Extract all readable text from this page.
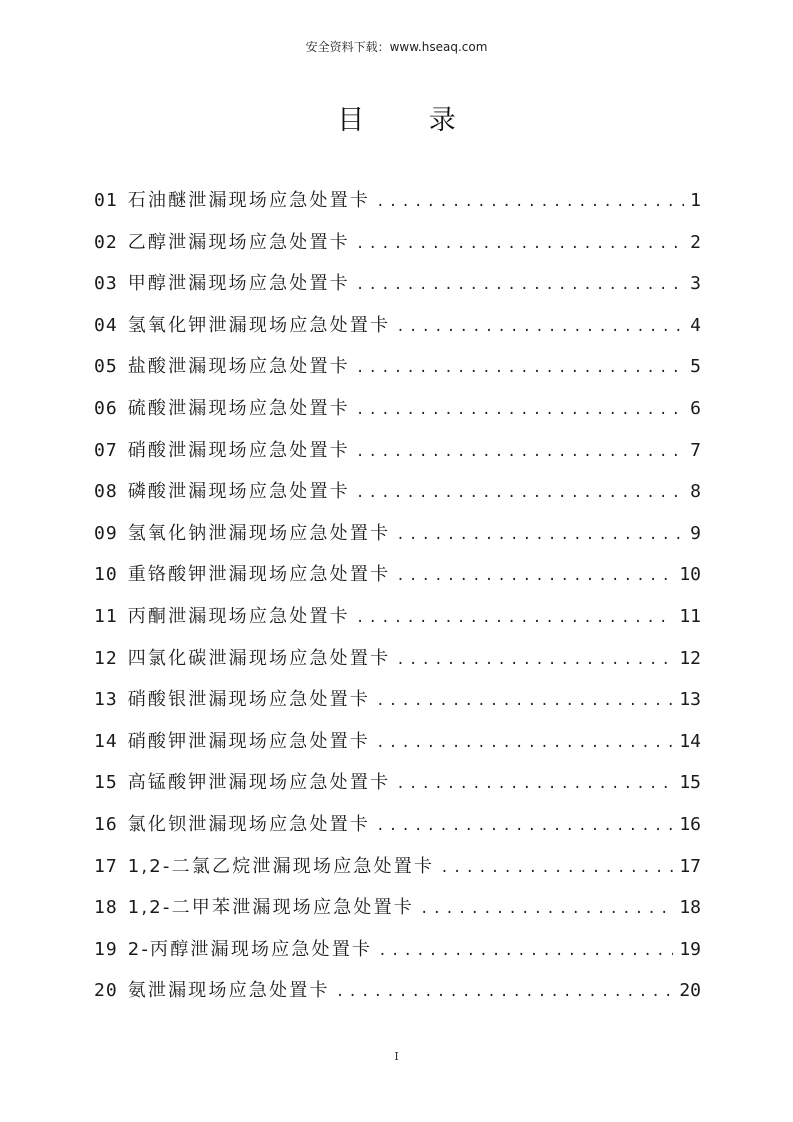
安全资料下载：www.hseaq.com
目 录
01 石油醚泄漏现场应急处置卡 .....	1
02 乙醇泄漏现场应急处置卡 .....	2
03 甲醇泄漏现场应急处置卡 .....	3
04 氢氧化钾泄漏现场应急处置卡 .....	4
05 盐酸泄漏现场应急处置卡 .....	5
06 硫酸泄漏现场应急处置卡 .....	6
07 硝酸泄漏现场应急处置卡 .....	7
08 磷酸泄漏现场应急处置卡 .....	8
09 氢氧化钠泄漏现场应急处置卡 .....	9
10 重铬酸钾泄漏现场应急处置卡 .....	10
11 丙酮泄漏现场应急处置卡 .....	11
12 四氯化碳泄漏现场应急处置卡 .....	12
13 硝酸银泄漏现场应急处置卡 .....	13
14 硝酸钾泄漏现场应急处置卡 .....	14
15 高锰酸钾泄漏现场应急处置卡 .....	15
16 氯化钡泄漏现场应急处置卡 .....	16
17 1,2-二氯乙烷泄漏现场应急处置卡 .....	17
18 1,2-二甲苯泄漏现场应急处置卡 .....	18
19 2-丙醇泄漏现场应急处置卡 .....	19
20 氨泄漏现场应急处置卡 .....	20
I
